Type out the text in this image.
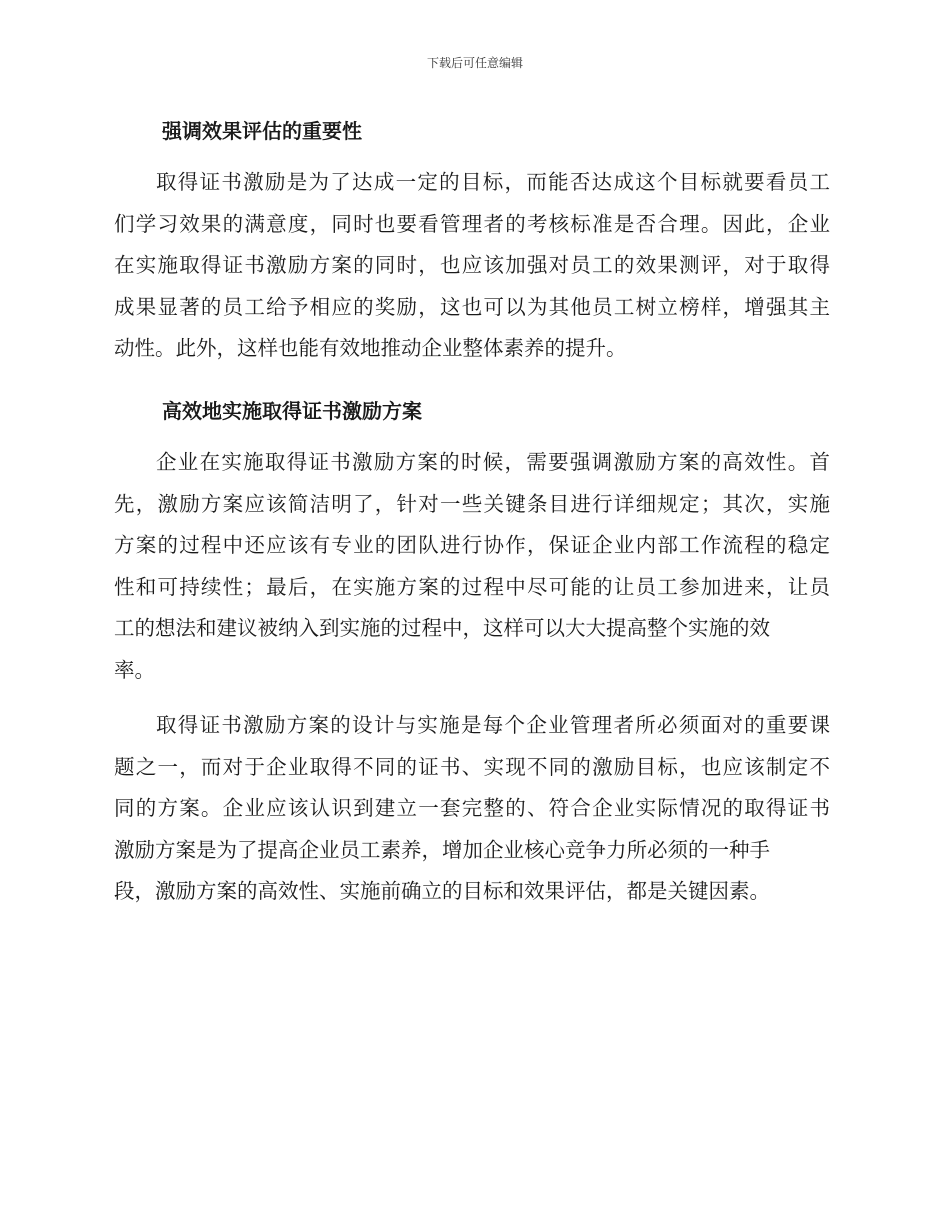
下载后可任意编辑
强调效果评估的重要性
取得证书激励是为了达成一定的目标，而能否达成这个目标就要看员工
们学习效果的满意度，同时也要看管理者的考核标准是否合理。因此，企业
在实施取得证书激励方案的同时，也应该加强对员工的效果测评，对于取得
成果显著的员工给予相应的奖励，这也可以为其他员工树立榜样，增强其主
动性。此外，这样也能有效地推动企业整体素养的提升。
高效地实施取得证书激励方案
企业在实施取得证书激励方案的时候，需要强调激励方案的高效性。首
先，激励方案应该简洁明了，针对一些关键条目进行详细规定；其次，实施
方案的过程中还应该有专业的团队进行协作，保证企业内部工作流程的稳定
性和可持续性；最后，在实施方案的过程中尽可能的让员工参加进来，让员
工的想法和建议被纳入到实施的过程中，这样可以大大提高整个实施的效
率。
取得证书激励方案的设计与实施是每个企业管理者所必须面对的重要课
题之一，而对于企业取得不同的证书、实现不同的激励目标，也应该制定不
同的方案。企业应该认识到建立一套完整的、符合企业实际情况的取得证书
激励方案是为了提高企业员工素养，增加企业核心竞争力所必须的一种手
段，激励方案的高效性、实施前确立的目标和效果评估，都是关键因素。
